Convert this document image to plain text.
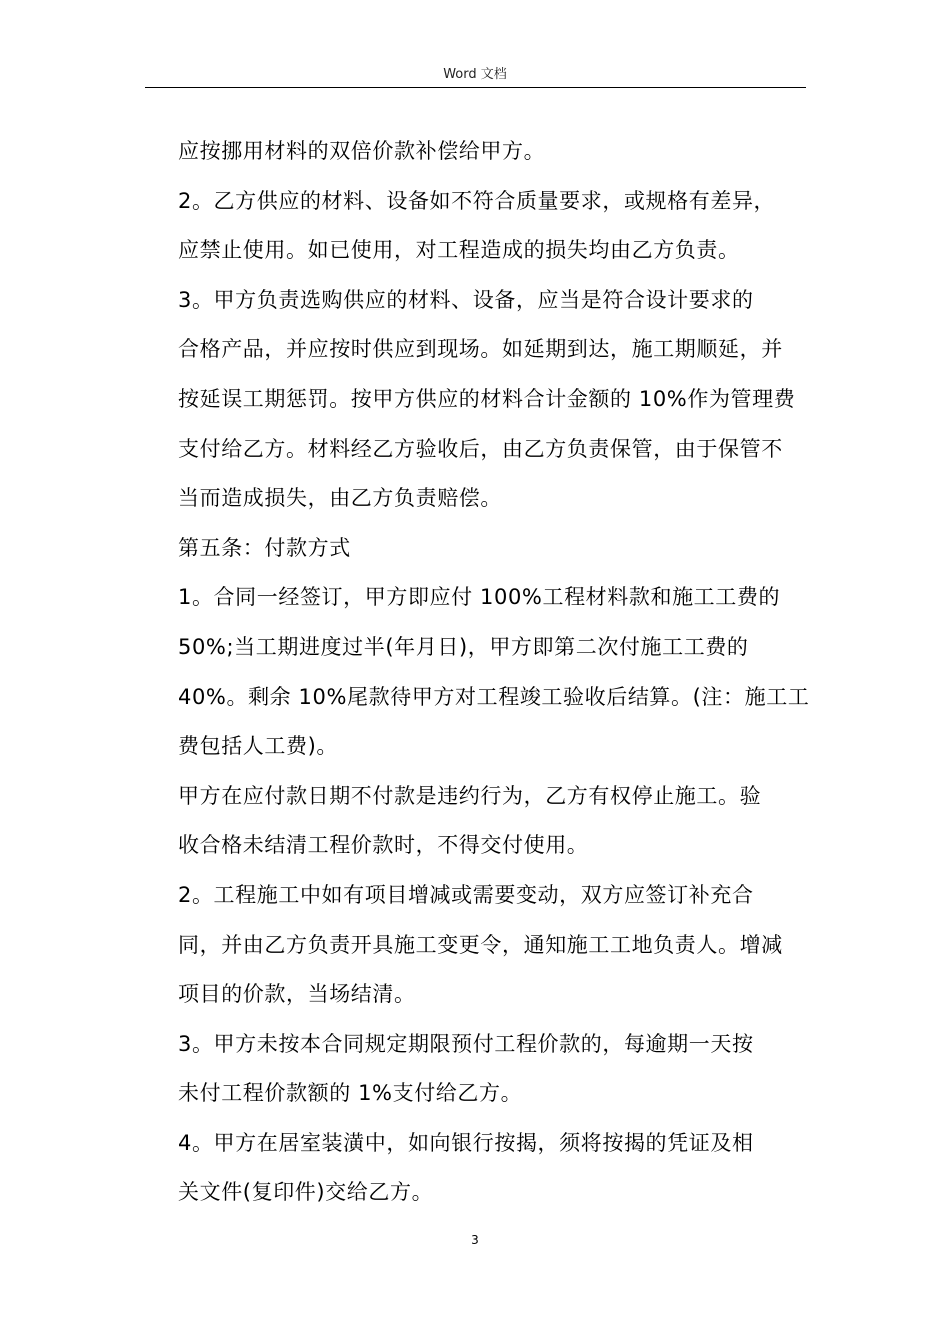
Word 文档

应按挪用材料的双倍价款补偿给甲方。

2。乙方供应的材料、设备如不符合质量要求，或规格有差异，

应禁止使用。如已使用，对工程造成的损失均由乙方负责。

3。甲方负责选购供应的材料、设备，应当是符合设计要求的

合格产品，并应按时供应到现场。如延期到达，施工期顺延，并

按延误工期惩罚。按甲方供应的材料合计金额的 10%作为管理费

支付给乙方。材料经乙方验收后，由乙方负责保管，由于保管不

当而造成损失，由乙方负责赔偿。

第五条：付款方式

1。合同一经签订，甲方即应付 100%工程材料款和施工工费的

50%;当工期进度过半(年月日)，甲方即第二次付施工工费的

40%。剩余 10%尾款待甲方对工程竣工验收后结算。(注：施工工

费包括人工费)。

甲方在应付款日期不付款是违约行为，乙方有权停止施工。验

收合格未结清工程价款时，不得交付使用。

2。工程施工中如有项目增减或需要变动，双方应签订补充合

同，并由乙方负责开具施工变更令，通知施工工地负责人。增减

项目的价款，当场结清。

3。甲方未按本合同规定期限预付工程价款的，每逾期一天按

未付工程价款额的 1%支付给乙方。

4。甲方在居室装潢中，如向银行按揭，须将按揭的凭证及相

关文件(复印件)交给乙方。

3
